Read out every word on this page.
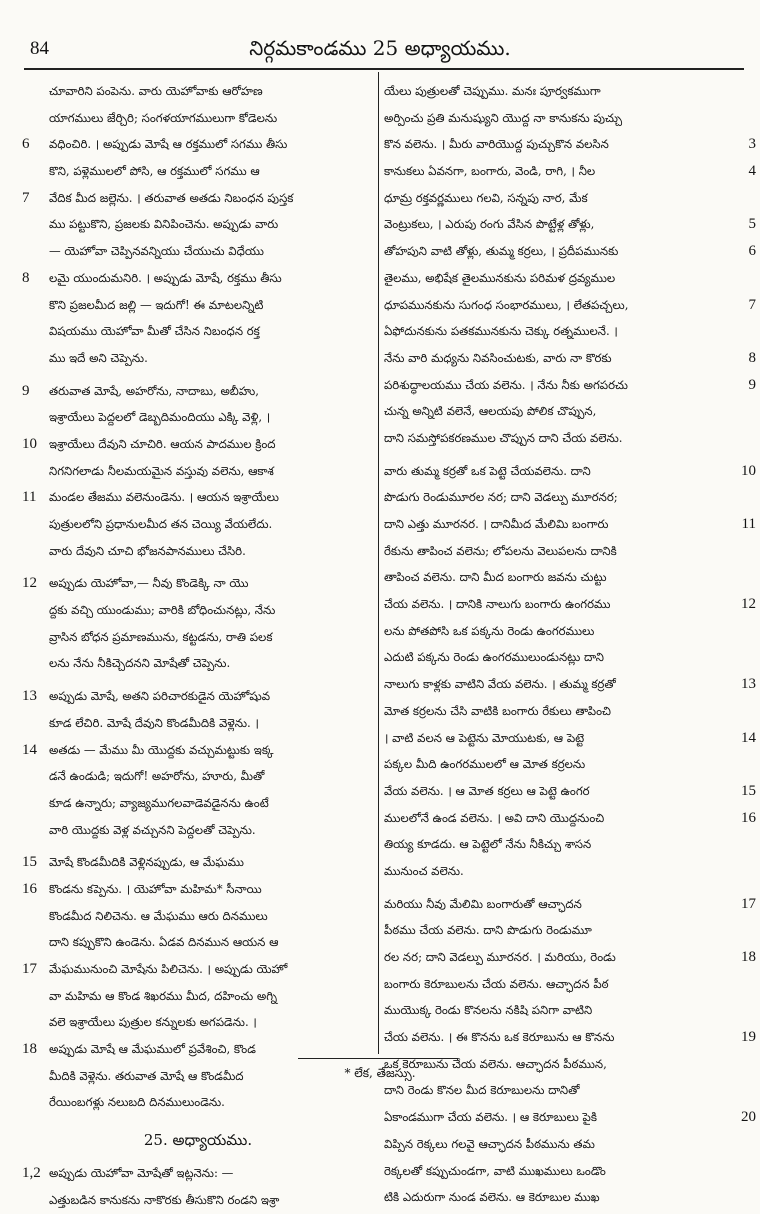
84	నిర్గమకాండము 25 అధ్యాయము.
చూవారిని పంపెను. వారు యెహోవాకు ఆరోహణ
యాగములు జేర్చిరి; సంగళయాగములుగా కోడెలను
6	వధించిరి. । అప్పుడు మోషే ఆ రక్తములో సగము తీసు
కొని, పళ్లెములలో పోసి, ఆ రక్తములో సగము ఆ
7	వేదిక మీద జల్లెను. । తరువాత అతడు నిబంధన పుస్తక
ము పట్టుకొని, ప్రజలకు వినిపించెను. అప్పుడు వారు
— యెహోవా చెప్పినవన్నియు చేయుచు విధేయు
8	లమై యుందుమనిరి. । అప్పుడు మోషే, రక్తము తీసు
కొని ప్రజలమీద జల్లి — ఇదుగో! ఈ మాటలన్నిటి
విషయము యెహోవా మీతో చేసిన నిబంధన రక్త
ము ఇదే అని చెప్పెను.
9	తరువాత మోషే, అహరోను, నాదాబు, అబీహు,
ఇశ్రాయేలు పెద్దలలో డెబ్బదిమందియు ఎక్కి వెళ్లి, ।
10	ఇశ్రాయేలు దేవుని చూచిరి. ఆయన పాదముల క్రింద
నిగనిగలాడు నీలమయమైన వస్తువు వలెను, ఆకాశ
11	మండల తేజము వలెనుండెను. । ఆయన ఇశ్రాయేలు
పుత్రులలోని ప్రధానులమీద తన చెయ్యి వేయలేదు.
వారు దేవుని చూచి భోజనపానములు చేసిరి.
12	అప్పుడు యెహోవా,— నీవు కొండెక్కి నా యొ
ద్దకు వచ్చి యుండుము; వారికి బోధించునట్లు, నేను
వ్రాసిన బోధన ప్రమాణమును, కట్టడను, రాతి పలక
లను నేను నీకిచ్చెదనని మోషేతో చెప్పెను.
13	అప్పుడు మోషే, అతని పరిచారకుడైన యెహోషువ
కూడ లేచిరి. మోషే దేవుని కొండమీదికి వెళ్లెను. ।
14	అతడు — మేము మీ యొద్దకు వచ్చుమట్టుకు ఇక్క
డనే ఉండుడి; ఇదుగో! అహరోను, హూరు, మీతో
కూడ ఉన్నారు; వ్యాజ్యముగలవాడెవడైనను ఉంటే
వారి యొద్దకు వెళ్ల వచ్చునని పెద్దలతో చెప్పెను.
15	మోషే కొండమీదికి వెళ్లినప్పుడు, ఆ మేఘము
16	కొండను కప్పెను. । యెహోవా మహిమ* సీనాయి
కొండమీద నిలిచెను. ఆ మేఘము ఆరు దినములు
దాని కప్పుకొని ఉండెను. ఏడవ దినమున ఆయన ఆ
17	మేఘమునుంచి మోషేను పిలిచెను. । అప్పుడు యెహో
వా మహిమ ఆ కొండ శిఖరము మీద, దహించు అగ్ని
వలె ఇశ్రాయేలు పుత్రుల కన్నులకు అగపడెను. ।
18	అప్పుడు మోషే ఆ మేఘములో ప్రవేశించి, కొండ
మీదికి వెళ్లెను. తరువాత మోషే ఆ కొండమీద
రేయింబగళ్లు నలుబది దినములుండెను.
25. అధ్యాయము.
1,2 అప్పుడు యెహోవా మోషేతో ఇట్లనెను: —
ఎత్తుబడిన కానుకను నాకొరకు తీసుకొని రండని ఇశ్రా
యేలు పుత్రులతో చెప్పుము. మనః పూర్వకముగా
అర్పించు ప్రతి మనుష్యుని యొద్ద నా కానుకను పుచ్చు
కొన వలెను. । మీరు వారియొద్ద పుచ్చుకొన వలసిన	3
కానుకలు ఏవనగా, బంగారు, వెండి, రాగి, । నీల	4
ధూమ్ర రక్తవర్ణములు గలవి, సన్నపు నార, మేక
వెంట్రుకలు, । ఎరుపు రంగు వేసిన పొట్టేళ్ల తోళ్లు,	5
తోహపుని వాటి తోళ్లు, తుమ్మ కర్రలు, । ప్రదీపమునకు	6
తైలము, అభిషేక తైలమునకును పరిమళ ద్రవ్యముల
ధూపమునకును సుగంధ సంభారములు, । లేతపచ్చలు,	7
ఏఫోదునకును పతకమునకును చెక్కు రత్నములనే. ।
నేను వారి మధ్యను నివసించుటకు, వారు నా కొరకు	8
పరిశుద్ధాలయము చేయ వలెను. । నేను నీకు అగపరచు	9
చున్న అన్నిటి వలెనే, ఆలయపు పోలిక చొప్పున,
దాని సమస్తోపకరణముల చొప్పున దాని చేయ వలెను.
వారు తుమ్మ కర్రతో ఒక పెట్టె చేయవలెను. దాని	10
పొడుగు రెండుమూరల నర; దాని వెడల్పు మూరనర;
దాని ఎత్తు మూరనర. । దానిమీద మేలిమి బంగారు	11
రేకును తాపించ వలెను; లోపలను వెలుపలను దానికి
తాపించ వలెను. దాని మీద బంగారు జవను చుట్టు
చేయ వలెను. । దానికి నాలుగు బంగారు ఉంగరము	12
లను పోతపోసి ఒక పక్కను రెండు ఉంగరములు
ఎదుటి పక్కను రెండు ఉంగరములుండునట్లు దాని
నాలుగు కాళ్లకు వాటిని వేయ వలెను. । తుమ్మ కర్రతో	13
మోత కర్రలను చేసి వాటికి బంగారు రేకులు తాపించి
। వాటి వలన ఆ పెట్టెను మోయుటకు, ఆ పెట్టె	14
పక్కల మీది ఉంగరములలో ఆ మోత కర్రలను
వేయ వలెను. । ఆ మోత కర్రలు ఆ పెట్టె ఉంగర	15
ములలోనే ఉండ వలెను. । అవి దాని యొద్దనుంచి	16
తియ్య కూడదు. ఆ పెట్టెలో నేను నీకిచ్చు శాసన
మునుంచ వలెను.
మరియు నీవు మేలిమి బంగారుతో ఆచ్ఛాదన	17
పీఠము చేయ వలెను. దాని పొడుగు రెండుమూ
రల నర; దాని వెడల్పు మూరనర. । మరియు, రెండు	18
బంగారు కెరూబులను చేయ వలెను. ఆచ్ఛాదన పీఠ
ముయొక్క రెండు కొనలను నకిషి పనిగా వాటిని
చేయ వలెను. । ఈ కొనను ఒక కెరూబును ఆ కొనను	19
ఒక కెరూబును చేయ వలెను. ఆచ్ఛాదన పీఠమున,
దాని రెండు కొనల మీద కెరూబులను దానితో
ఏకాండముగా చేయ వలెను. । ఆ కెరూబులు పైకి	20
విప్పిన రెక్కలు గలవై ఆచ్ఛాదన పీఠమును తమ
రెక్కలతో కప్పుచుండగా, వాటి ముఖములు ఒండొం
టికి ఎదురుగా నుండ వలెను. ఆ కెరూబుల ముఖ
* లేక, తేజస్సు.
